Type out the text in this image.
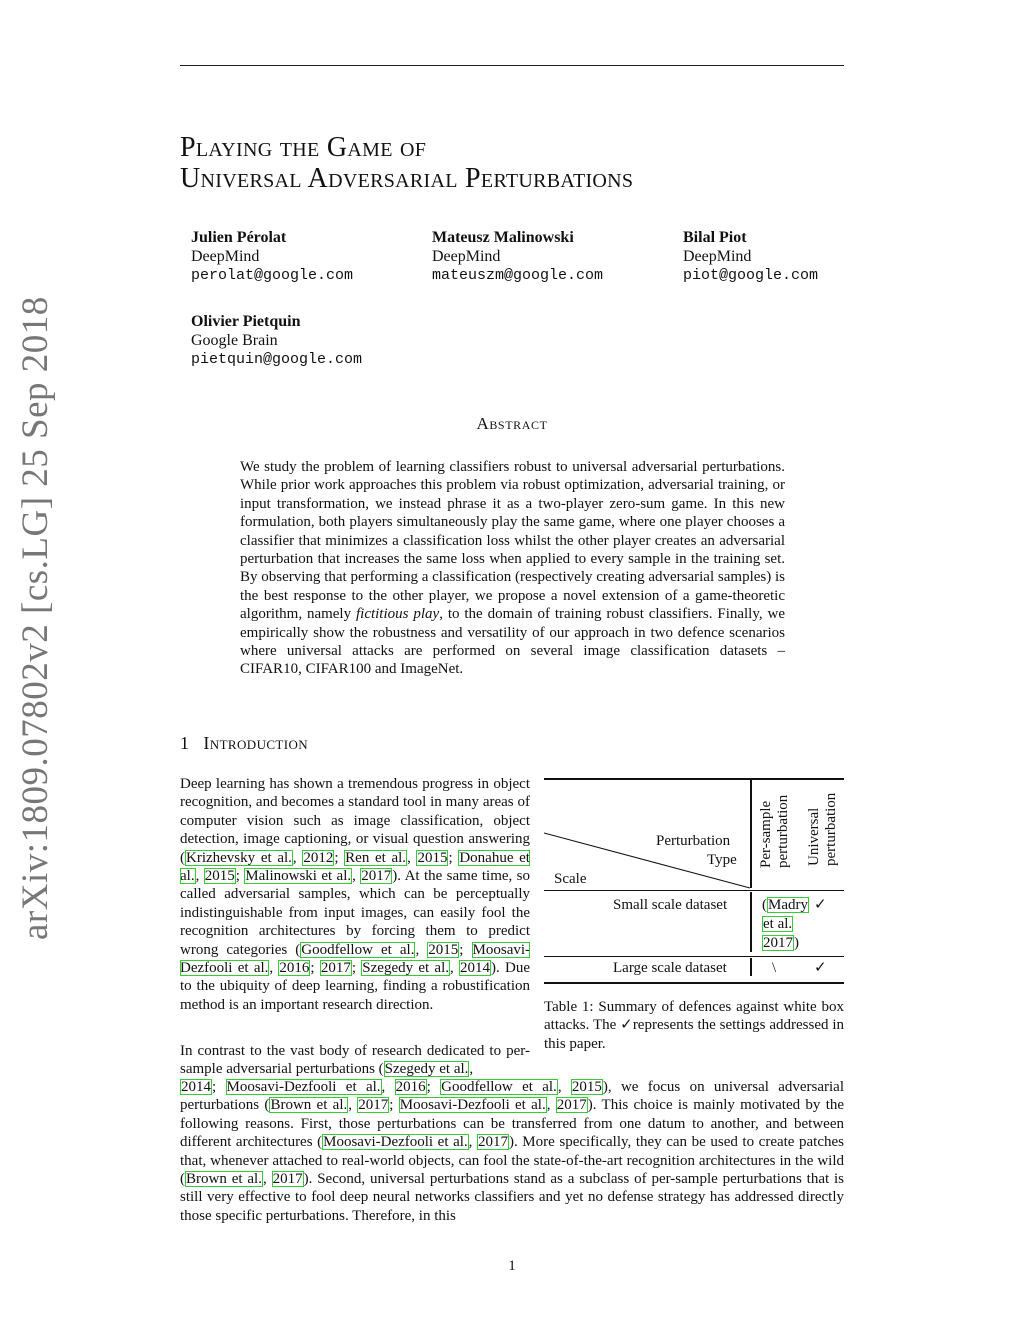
arXiv:1809.07802v2 [cs.LG] 25 Sep 2018
Playing the Game of
Universal Adversarial Perturbations
Julien Pérolat
DeepMind
perolat@google.com
Mateusz Malinowski
DeepMind
mateuszm@google.com
Bilal Piot
DeepMind
piot@google.com
Olivier Pietquin
Google Brain
pietquin@google.com
Abstract
We study the problem of learning classifiers robust to universal adversarial perturbations. While prior work approaches this problem via robust optimization, adversarial training, or input transformation, we instead phrase it as a two-player zero-sum game. In this new formulation, both players simultaneously play the same game, where one player chooses a classifier that minimizes a classification loss whilst the other player creates an adversarial perturbation that increases the same loss when applied to every sample in the training set. By observing that performing a classification (respectively creating adversarial samples) is the best response to the other player, we propose a novel extension of a game-theoretic algorithm, namely fictitious play, to the domain of training robust classifiers. Finally, we empirically show the robustness and versatility of our approach in two defence scenarios where universal attacks are performed on several image classification datasets – CIFAR10, CIFAR100 and ImageNet.
1 Introduction
Deep learning has shown a tremendous progress in object recognition, and becomes a standard tool in many areas of computer vision such as image classification, object detection, image captioning, or visual question answering (Krizhevsky et al., 2012; Ren et al., 2015; Donahue et al., 2015; Malinowski et al., 2017). At the same time, so called adversarial samples, which can be perceptually indistinguishable from input images, can easily fool the recognition architectures by forcing them to predict wrong categories (Goodfellow et al., 2015; Moosavi-Dezfooli et al., 2016; 2017; Szegedy et al., 2014). Due to the ubiquity of deep learning, finding a robustification method is an important research direction.
In contrast to the vast body of research dedicated to per-sample adversarial perturbations (Szegedy et al.,
2014; Moosavi-Dezfooli et al., 2016; Goodfellow et al., 2015), we focus on universal adversarial perturbations (Brown et al., 2017; Moosavi-Dezfooli et al., 2017). This choice is mainly motivated by the following reasons. First, those perturbations can be transferred from one datum to another, and between different architectures (Moosavi-Dezfooli et al., 2017). More specifically, they can be used to create patches that, whenever attached to real-world objects, can fool the state-of-the-art recognition architectures in the wild (Brown et al., 2017). Second, universal perturbations stand as a subclass of per-sample perturbations that is still very effective to fool deep neural networks classifiers and yet no defense strategy has addressed directly those specific perturbations. Therefore, in this
Perturbation
Type
Scale
Per-sample perturbation Universal perturbation
Small scale dataset (Madry
et al.
2017)
✓
Large scale dataset	\	✓
Table 1: Summary of defences against white box attacks. The ✓represents the settings addressed in this paper.
1
